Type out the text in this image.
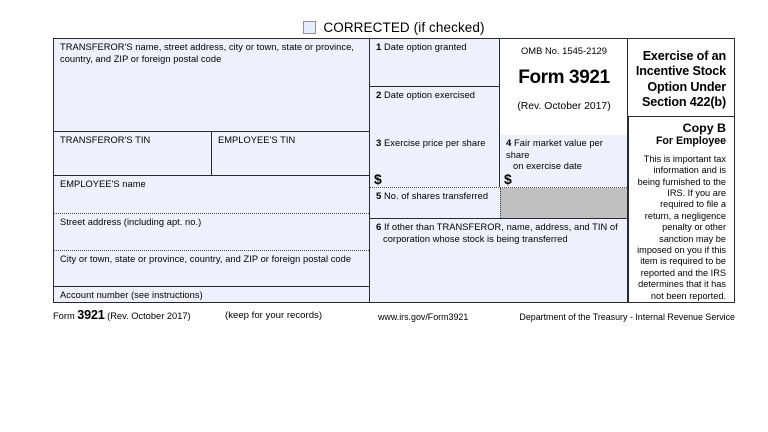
CORRECTED (if checked)
TRANSFEROR'S name, street address, city or town, state or province, country, and ZIP or foreign postal code
TRANSFEROR'S TIN	EMPLOYEE'S TIN
EMPLOYEE'S name
Street address (including apt. no.)
City or town, state or province, country, and ZIP or foreign postal code
Account number (see instructions)
1 Date option granted
2 Date option exercised
OMB No. 1545-2129
Form 3921
(Rev. October 2017)
3 Exercise price per share
$
4 Fair market value per share
on exercise date
$
5 No. of shares transferred
6 If other than TRANSFEROR, name, address, and TIN of
corporation whose stock is being transferred
Exercise of an
Incentive Stock
Option Under
Section 422(b)
Copy B
For Employee
This is important tax information and is being furnished to the IRS. If you are required to file a return, a negligence penalty or other sanction may be imposed on you if this item is required to be reported and the IRS determines that it has not been reported.
Form 3921 (Rev. October 2017)	(keep for your records)	www.irs.gov/Form3921	Department of the Treasury - Internal Revenue Service
